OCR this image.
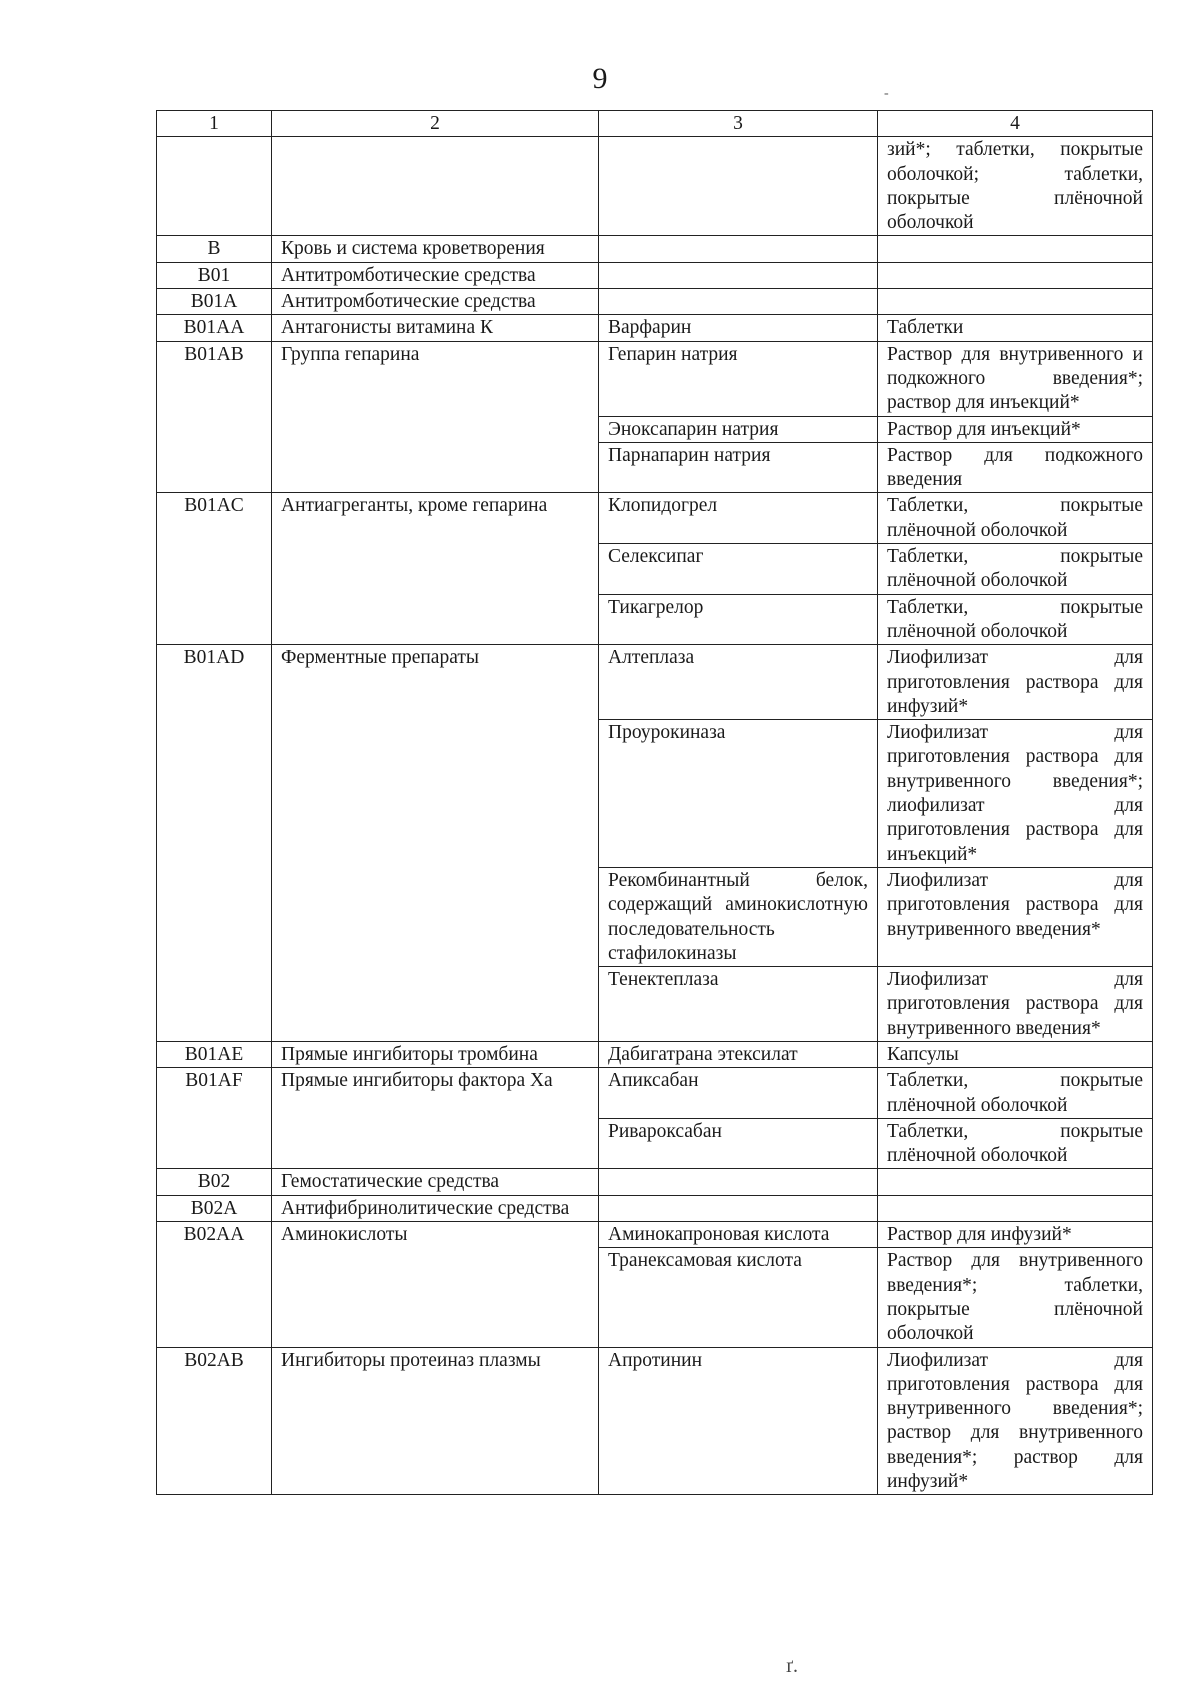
9	-
1	2	3	4
			зий*; таблетки, покрытые оболочкой; таблетки, покрытые плёночной оболочкой
B	Кровь и система кроветворения		
B01	Антитромботические средства		
B01A	Антитромботические средства		
B01AA	Антагонисты витамина К	Варфарин	Таблетки
B01AB	Группа гепарина	Гепарин натрия	Раствор для внутривенного и подкожного введения*; раствор для инъекций*
		Эноксапарин натрия	Раствор для инъекций*
		Парнапарин натрия	Раствор для подкожного введения
B01AC	Антиагреганты, кроме гепарина	Клопидогрел	Таблетки, покрытые плёночной оболочкой
		Селексипаг	Таблетки, покрытые плёночной оболочкой
		Тикагрелор	Таблетки, покрытые плёночной оболочкой
B01AD	Ферментные препараты	Алтеплаза	Лиофилизат для приготовления раствора для инфузий*
		Проурокиназа	Лиофилизат для приготовления раствора для внутривенного введения*; лиофилизат для приготовления раствора для инъекций*
		Рекомбинантный белок, содержащий аминокислотную последовательность стафилокиназы	Лиофилизат для приготовления раствора для внутривенного введения*
		Тенектеплаза	Лиофилизат для приготовления раствора для внутривенного введения*
B01AE	Прямые ингибиторы тромбина	Дабигатрана этексилат	Капсулы
B01AF	Прямые ингибиторы фактора Xa	Апиксабан	Таблетки, покрытые плёночной оболочкой
		Ривароксабан	Таблетки, покрытые плёночной оболочкой
B02	Гемостатические средства		
B02A	Антифибринолитические средства		
B02AA	Аминокислоты	Аминокапроновая кислота	Раствор для инфузий*
		Транексамовая кислота	Раствор для внутривенного введения*; таблетки, покрытые плёночной оболочкой
B02AB	Ингибиторы протеиназ плазмы	Апротинин	Лиофилизат для приготовления раствора для внутривенного введения*; раствор для внутривенного введения*; раствор для инфузий*
ґ.
